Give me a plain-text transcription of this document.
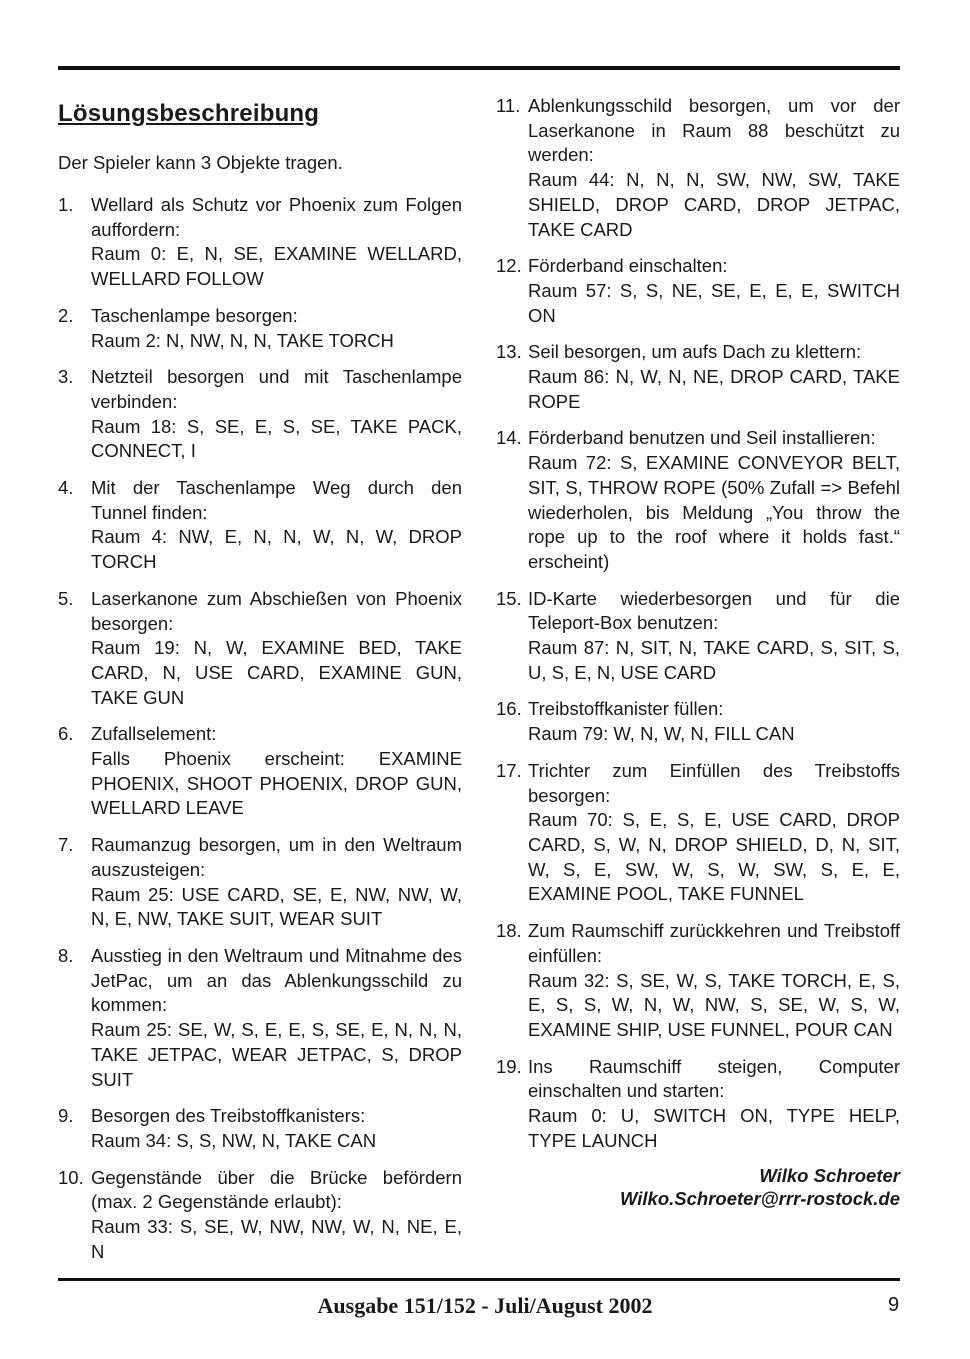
Lösungsbeschreibung
Der Spieler kann 3 Objekte tragen.
1. Wellard als Schutz vor Phoenix zum Folgen auffordern:
Raum 0: E, N, SE, EXAMINE WELLARD, WELLARD FOLLOW
2. Taschenlampe besorgen:
Raum 2: N, NW, N, N, TAKE TORCH
3. Netzteil besorgen und mit Taschenlampe verbinden:
Raum 18: S, SE, E, S, SE, TAKE PACK, CONNECT, I
4. Mit der Taschenlampe Weg durch den Tunnel finden:
Raum 4: NW, E, N, N, W, N, W, DROP TORCH
5. Laserkanone zum Abschießen von Phoenix besorgen:
Raum 19: N, W, EXAMINE BED, TAKE CARD, N, USE CARD, EXAMINE GUN, TAKE GUN
6. Zufallselement:
Falls Phoenix erscheint: EXAMINE PHOENIX, SHOOT PHOENIX, DROP GUN, WELLARD LEAVE
7. Raumanzug besorgen, um in den Weltraum auszusteigen:
Raum 25: USE CARD, SE, E, NW, NW, W, N, E, NW, TAKE SUIT, WEAR SUIT
8. Ausstieg in den Weltraum und Mitnahme des JetPac, um an das Ablenkungsschild zu kommen:
Raum 25: SE, W, S, E, E, S, SE, E, N, N, N, TAKE JETPAC, WEAR JETPAC, S, DROP SUIT
9. Besorgen des Treibstoffkanisters:
Raum 34: S, S, NW, N, TAKE CAN
10. Gegenstände über die Brücke befördern (max. 2 Gegenstände erlaubt):
Raum 33: S, SE, W, NW, NW, W, N, NE, E, N
11. Ablenkungsschild besorgen, um vor der Laserkanone in Raum 88 beschützt zu werden:
Raum 44: N, N, N, SW, NW, SW, TAKE SHIELD, DROP CARD, DROP JETPAC, TAKE CARD
12. Förderband einschalten:
Raum 57: S, S, NE, SE, E, E, E, SWITCH ON
13. Seil besorgen, um aufs Dach zu klettern:
Raum 86: N, W, N, NE, DROP CARD, TAKE ROPE
14. Förderband benutzen und Seil installieren:
Raum 72: S, EXAMINE CONVEYOR BELT, SIT, S, THROW ROPE (50% Zufall => Befehl wiederholen, bis Meldung „You throw the rope up to the roof where it holds fast.“ erscheint)
15. ID-Karte wiederbesorgen und für die Teleport-Box benutzen:
Raum 87: N, SIT, N, TAKE CARD, S, SIT, S, U, S, E, N, USE CARD
16. Treibstoffkanister füllen:
Raum 79: W, N, W, N, FILL CAN
17. Trichter zum Einfüllen des Treibstoffs besorgen:
Raum 70: S, E, S, E, USE CARD, DROP CARD, S, W, N, DROP SHIELD, D, N, SIT, W, S, E, SW, W, S, W, SW, S, E, E, EXAMINE POOL, TAKE FUNNEL
18. Zum Raumschiff zurückkehren und Treibstoff einfüllen:
Raum 32: S, SE, W, S, TAKE TORCH, E, S, E, S, S, W, N, W, NW, S, SE, W, S, W, EXAMINE SHIP, USE FUNNEL, POUR CAN
19. Ins Raumschiff steigen, Computer einschalten und starten:
Raum 0: U, SWITCH ON, TYPE HELP, TYPE LAUNCH
Wilko Schroeter
Wilko.Schroeter@rrr-rostock.de
Ausgabe 151/152 - Juli/August 2002	9
